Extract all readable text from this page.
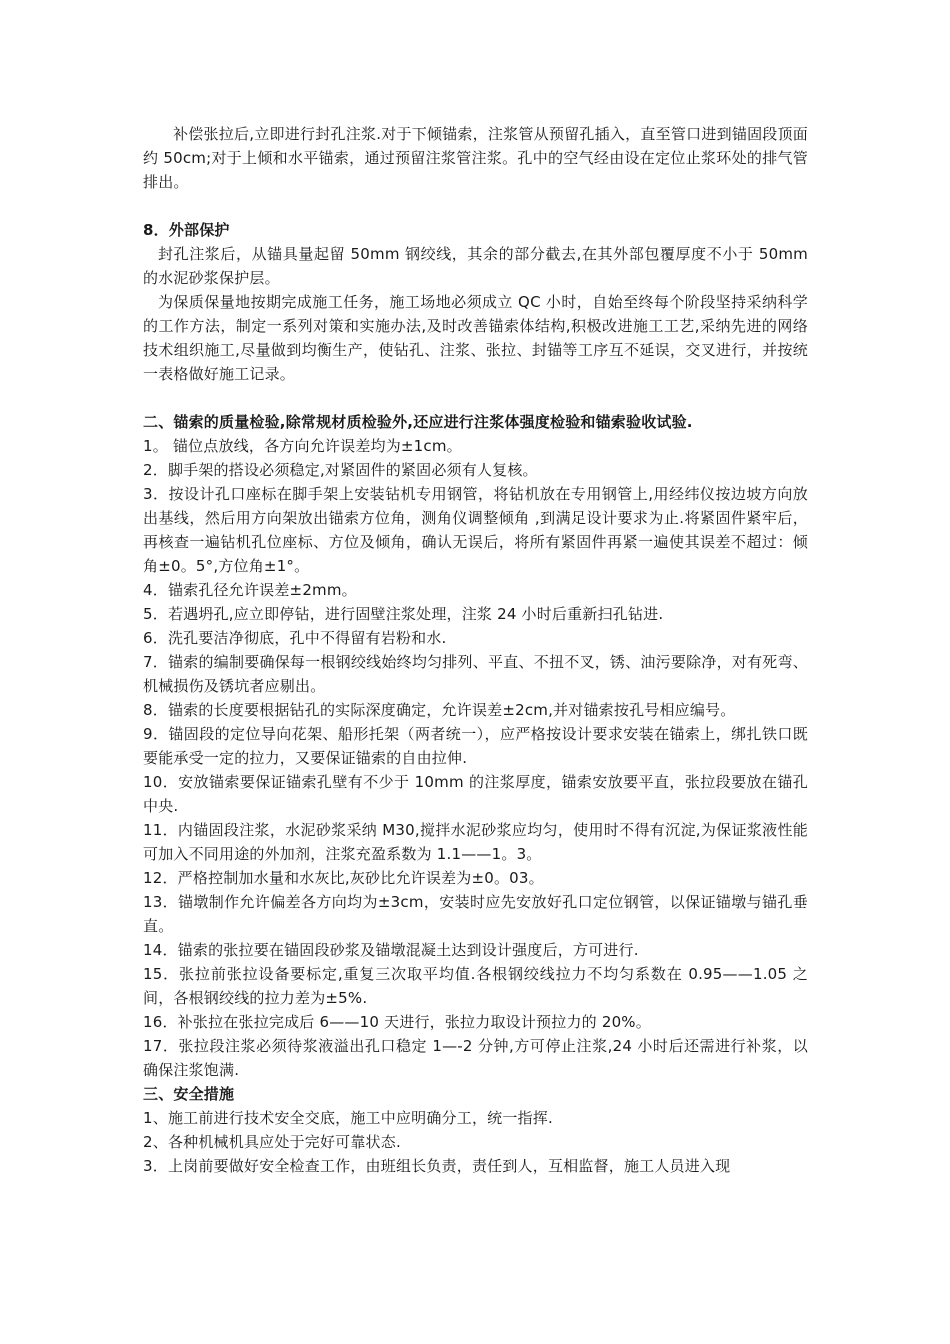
补偿张拉后,立即进行封孔注浆.对于下倾锚索，注浆管从预留孔插入，直至管口进到锚固段顶面约 50cm;对于上倾和水平锚索，通过预留注浆管注浆。孔中的空气经由设在定位止浆环处的排气管排出。

8．外部保护

封孔注浆后，从锚具量起留 50mm 钢绞线，其余的部分截去,在其外部包覆厚度不小于 50mm 的水泥砂浆保护层。

为保质保量地按期完成施工任务，施工场地必须成立 QC 小时，自始至终每个阶段坚持采纳科学的工作方法，制定一系列对策和实施办法,及时改善锚索体结构,积极改进施工工艺,采纳先进的网络技术组织施工,尽量做到均衡生产，使钻孔、注浆、张拉、封锚等工序互不延误，交叉进行，并按统一表格做好施工记录。

二、锚索的质量检验,除常规材质检验外,还应进行注浆体强度检验和锚索验收试验.

1。 锚位点放线，各方向允许误差均为±1cm。

2．脚手架的搭设必须稳定,对紧固件的紧固必须有人复核。

3．按设计孔口座标在脚手架上安装钻机专用钢管，将钻机放在专用钢管上,用经纬仪按边坡方向放出基线，然后用方向架放出锚索方位角，测角仪调整倾角 ,到满足设计要求为止.将紧固件紧牢后，再核查一遍钻机孔位座标、方位及倾角，确认无误后，将所有紧固件再紧一遍使其误差不超过：倾角±0。5°,方位角±1°。

4．锚索孔径允许误差±2mm。

5．若遇坍孔,应立即停钻，进行固壁注浆处理，注浆 24 小时后重新扫孔钻进.

6．洗孔要洁净彻底，孔中不得留有岩粉和水.

7．锚索的编制要确保每一根钢绞线始终均匀排列、平直、不扭不叉，锈、油污要除净，对有死弯、机械损伤及锈坑者应剔出。

8．锚索的长度要根据钻孔的实际深度确定，允许误差±2cm,并对锚索按孔号相应编号。

9．锚固段的定位导向花架、船形托架（两者统一），应严格按设计要求安装在锚索上，绑扎铁口既要能承受一定的拉力，又要保证锚索的自由拉伸.

10．安放锚索要保证锚索孔壁有不少于 10mm 的注浆厚度，锚索安放要平直，张拉段要放在锚孔中央.

11．内锚固段注浆，水泥砂浆采纳 M30,搅拌水泥砂浆应均匀，使用时不得有沉淀,为保证浆液性能可加入不同用途的外加剂，注浆充盈系数为 1.1——1。3。

12．严格控制加水量和水灰比,灰砂比允许误差为±0。03。

13．锚墩制作允许偏差各方向均为±3cm，安装时应先安放好孔口定位钢管，以保证锚墩与锚孔垂直。

14．锚索的张拉要在锚固段砂浆及锚墩混凝土达到设计强度后，方可进行.

15．张拉前张拉设备要标定,重复三次取平均值.各根钢绞线拉力不均匀系数在 0.95——1.05 之间，各根钢绞线的拉力差为±5%.

16．补张拉在张拉完成后 6——10 天进行，张拉力取设计预拉力的 20%。

17．张拉段注浆必须待浆液溢出孔口稳定 1—-2 分钟,方可停止注浆,24 小时后还需进行补浆，以确保注浆饱满.

三、安全措施

1、施工前进行技术安全交底，施工中应明确分工，统一指挥.

2、各种机械机具应处于完好可靠状态.

3．上岗前要做好安全检查工作，由班组长负责，责任到人，互相监督，施工人员进入现
